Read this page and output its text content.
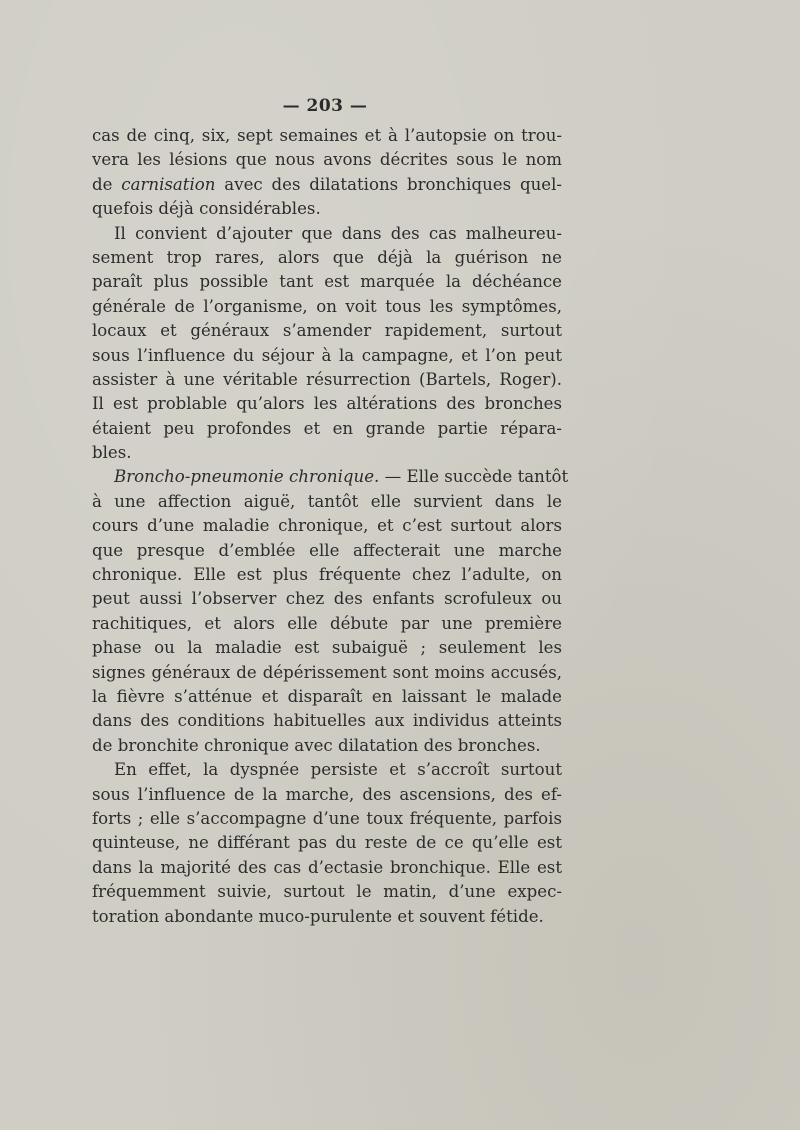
— 203 —
cas de cinq, six, sept semaines et à l’autopsie on trou-
vera les lésions que nous avons décrites sous le nom
de carnisation avec des dilatations bronchiques quel-
quefois déjà considérables.
Il convient d’ajouter que dans des cas malheureu-
sement trop rares, alors que déjà la guérison ne
paraît plus possible tant est marquée la déchéance
générale de l’organisme, on voit tous les symptômes,
locaux et généraux s’amender rapidement, surtout
sous l’influence du séjour à la campagne, et l’on peut
assister à une véritable résurrection (Bartels, Roger).
Il est problable qu’alors les altérations des bronches
étaient peu profondes et en grande partie répara-
bles.
Broncho-pneumonie chronique. — Elle succède tantôt
à une affection aiguë, tantôt elle survient dans le
cours d’une maladie chronique, et c’est surtout alors
que presque d’emblée elle affecterait une marche
chronique. Elle est plus fréquente chez l’adulte, on
peut aussi l’observer chez des enfants scrofuleux ou
rachitiques, et alors elle débute par une première
phase ou la maladie est subaiguë ; seulement les
signes généraux de dépérissement sont moins accusés,
la fièvre s’atténue et disparaît en laissant le malade
dans des conditions habituelles aux individus atteints
de bronchite chronique avec dilatation des bronches.
En effet, la dyspnée persiste et s’accroît surtout
sous l’influence de la marche, des ascensions, des ef-
forts ; elle s’accompagne d’une toux fréquente, parfois
quinteuse, ne différant pas du reste de ce qu’elle est
dans la majorité des cas d’ectasie bronchique. Elle est
fréquemment suivie, surtout le matin, d’une expec-
toration abondante muco-purulente et souvent fétide.
